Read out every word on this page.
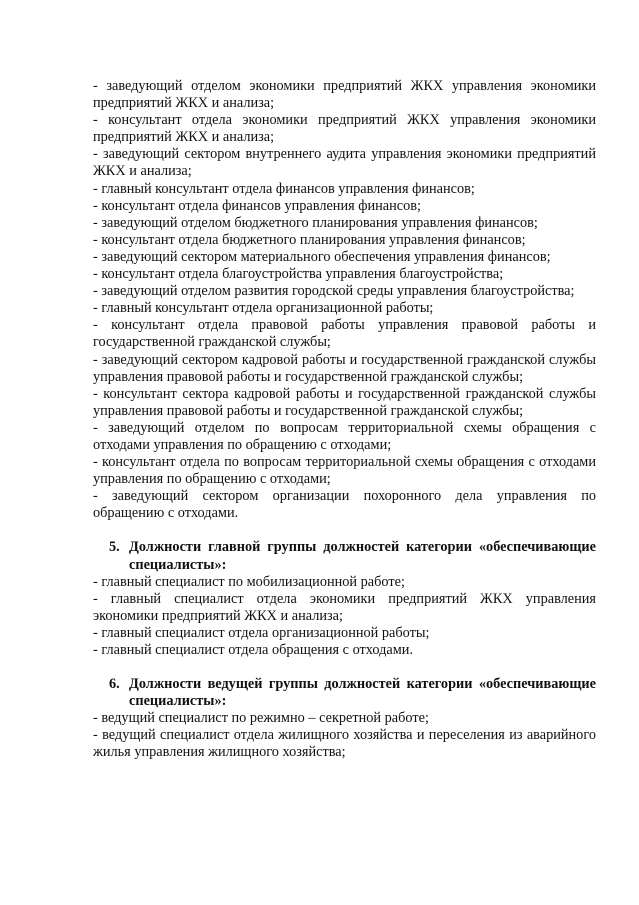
- заведующий отделом экономики предприятий ЖКХ управления экономики предприятий ЖКХ и анализа;

- консультант отдела экономики предприятий ЖКХ управления экономики предприятий ЖКХ и анализа;

- заведующий сектором внутреннего аудита управления экономики предприятий ЖКХ и анализа;

- главный консультант отдела финансов управления финансов;

- консультант отдела финансов управления финансов;

- заведующий отделом бюджетного планирования управления финансов;

- консультант отдела бюджетного планирования управления финансов;

- заведующий сектором материального обеспечения управления финансов;

- консультант отдела благоустройства управления благоустройства;

- заведующий отделом развития городской среды управления благоустройства;

- главный консультант отдела организационной работы;

- консультант отдела правовой работы управления правовой работы и государственной гражданской службы;

- заведующий сектором кадровой работы и государственной гражданской службы управления правовой работы и государственной гражданской службы;

- консультант сектора кадровой работы и государственной гражданской службы управления правовой работы и государственной гражданской службы;

- заведующий отделом по вопросам территориальной схемы обращения с отходами управления по обращению с отходами;

- консультант отдела по вопросам территориальной схемы обращения с отходами управления по обращению с отходами;

- заведующий сектором организации похоронного дела управления по обращению с отходами.

5. Должности главной группы должностей категории «обеспечивающие специалисты»:

- главный специалист по мобилизационной работе;

- главный специалист отдела экономики предприятий ЖКХ управления экономики предприятий ЖКХ и анализа;

- главный специалист отдела организационной работы;

- главный специалист отдела обращения с отходами.

6. Должности ведущей группы должностей категории «обеспечивающие специалисты»:

- ведущий специалист по режимно – секретной работе;

- ведущий специалист отдела жилищного хозяйства и переселения из аварийного жилья управления жилищного хозяйства;
